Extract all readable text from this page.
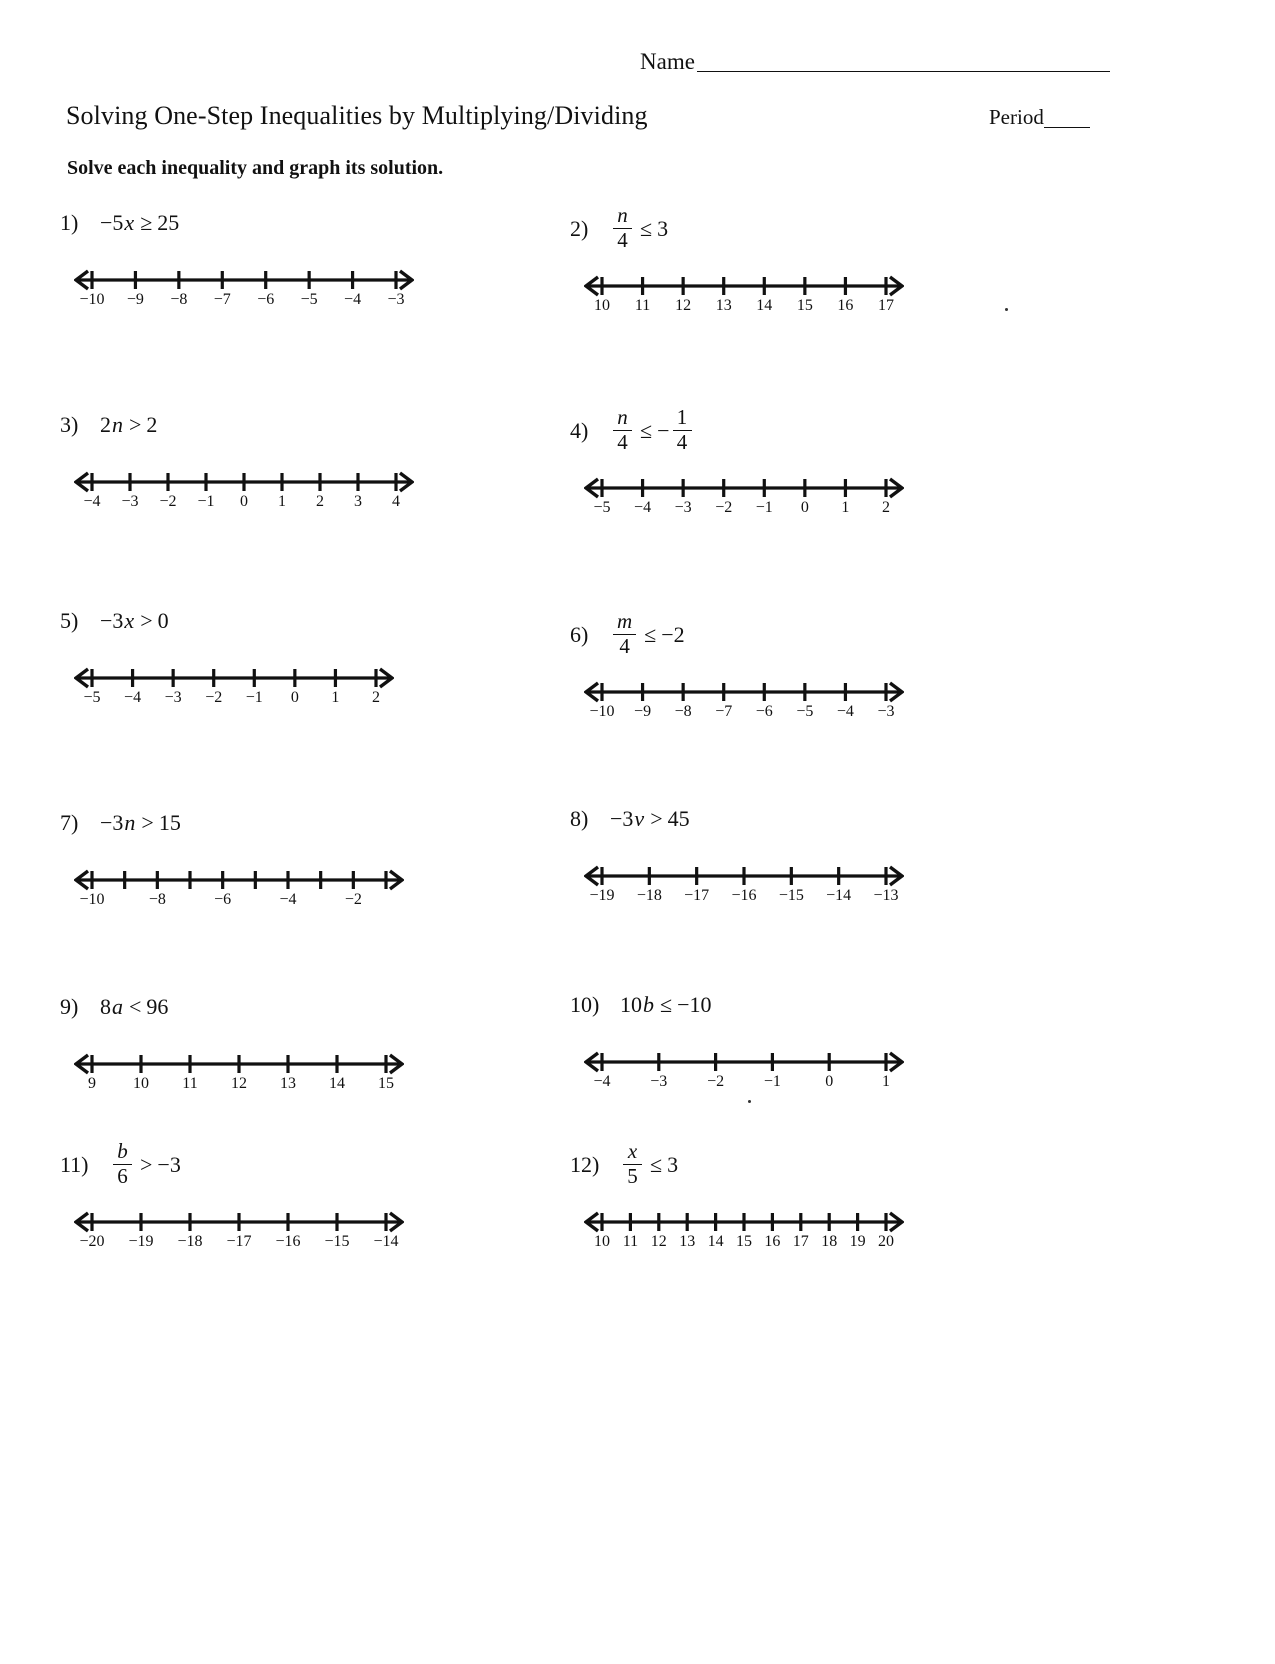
Name
Solving One-Step Inequalities by Multiplying/Dividing	Period
Solve each inequality and graph its solution.
1) −5 x ≥ 25
−10 −9 −8 −7 −6 −5 −4 −3
2)	$\frac{n}{4} \le 3$
10 11 12 13 14 15 16 17
3) 2 n > 2
−4 −3 −2 −1 0 1 2 3 4
4)	$\frac{n}{4}$ ≤ − $\frac{1}{4}$
−5 −4 −3 −2 −1 0 1 2
5) −3 x > 0
−5 −4 −3 −2 −1 0 1 2
6)	$\frac{m}{4} \le -2$
−10 −9 −8 −7 −6 −5 −4 −3
7) −3 n > 15
−10	−8	−6	−4	−2
8) −3 v > 45
−19 −18 −17 −16 −15 −14 −13
9) 8 a < 96
9 10 11 12 13 14 15
10) 10 b ≤ −10
−4 −3 −2 −1	0	1
11)	$\frac{b}{6} > -3$
−20 −19 −18 −17 −16 −15 −14
12)	$\frac{x}{5} \le 3$
10 11 12 13 14 15 16 17 18 19 20
